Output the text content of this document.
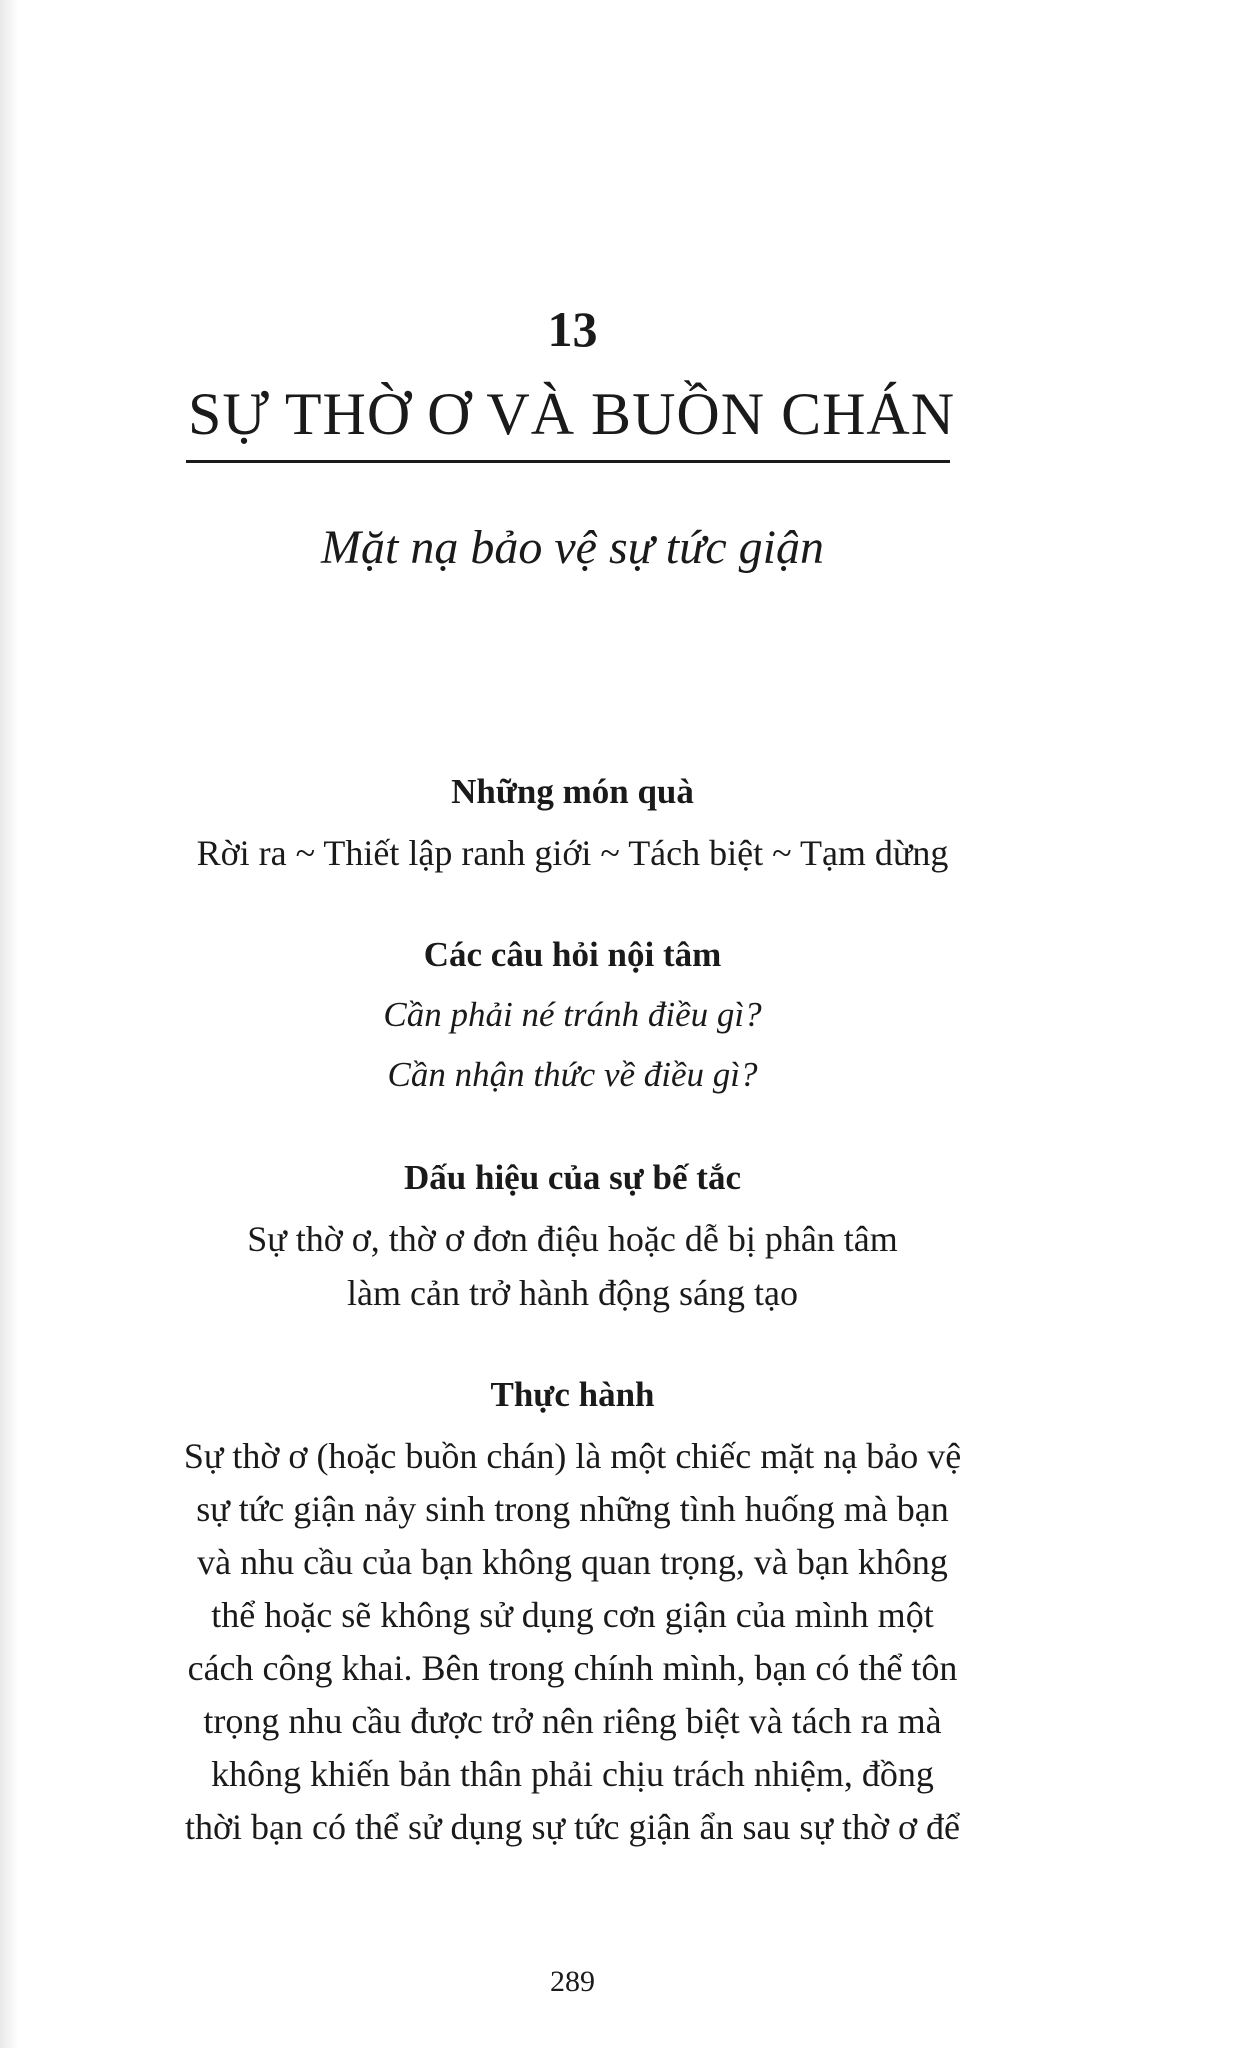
13
SỰ THỜ Ơ VÀ BUỒN CHÁN
Mặt nạ bảo vệ sự tức giận
Những món quà
Rời ra ~ Thiết lập ranh giới ~ Tách biệt ~ Tạm dừng
Các câu hỏi nội tâm
Cần phải né tránh điều gì?
Cần nhận thức về điều gì?
Dấu hiệu của sự bế tắc
Sự thờ ơ, thờ ơ đơn điệu hoặc dễ bị phân tâm
làm cản trở hành động sáng tạo
Thực hành
Sự thờ ơ (hoặc buồn chán) là một chiếc mặt nạ bảo vệ
sự tức giận nảy sinh trong những tình huống mà bạn
và nhu cầu của bạn không quan trọng, và bạn không
thể hoặc sẽ không sử dụng cơn giận của mình một
cách công khai. Bên trong chính mình, bạn có thể tôn
trọng nhu cầu được trở nên riêng biệt và tách ra mà
không khiến bản thân phải chịu trách nhiệm, đồng
thời bạn có thể sử dụng sự tức giận ẩn sau sự thờ ơ để
289
